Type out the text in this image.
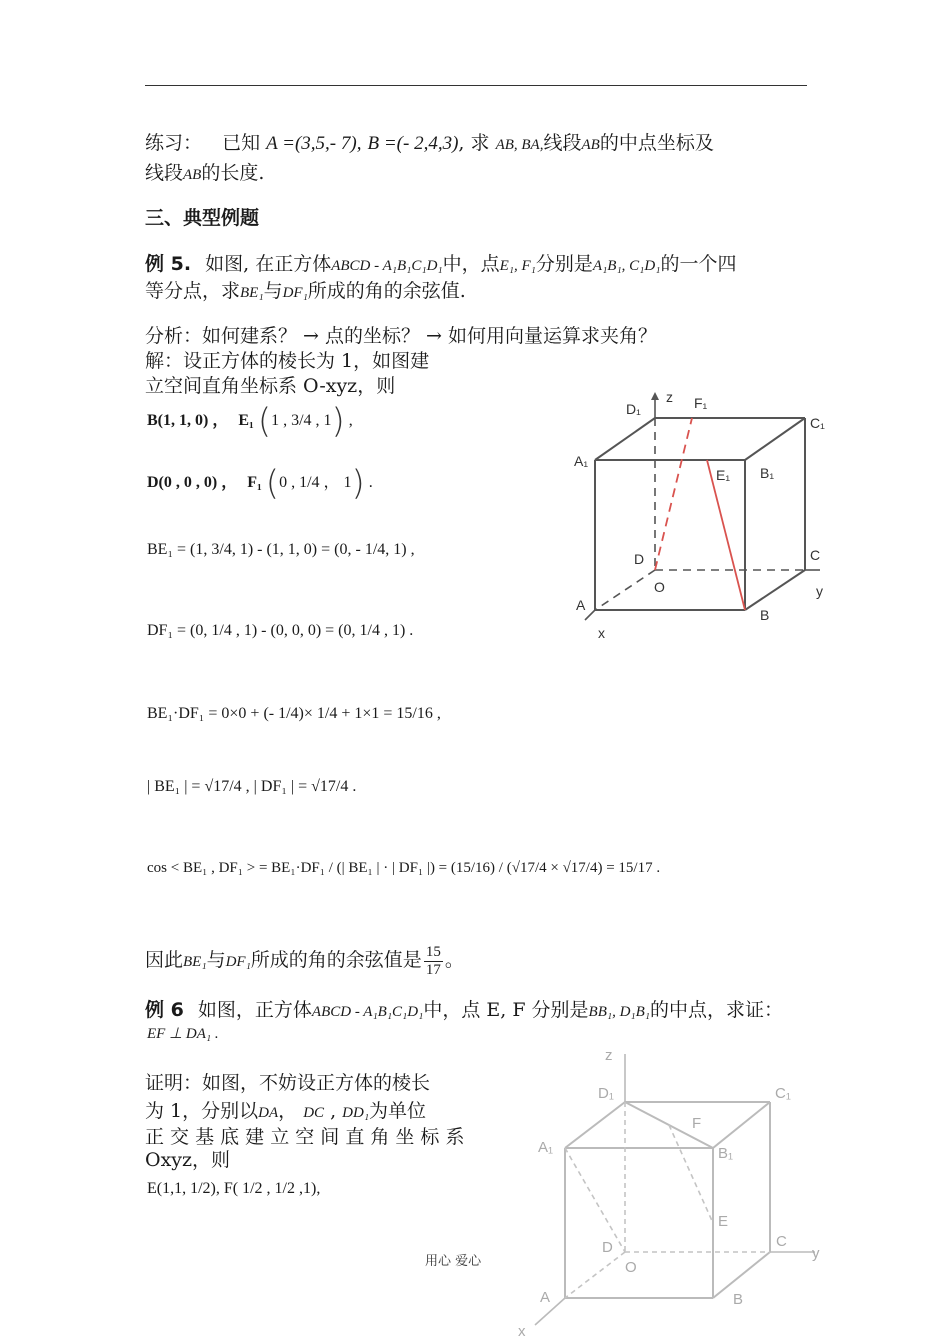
练习： 已知 A =(3,5,- 7), B =(- 2,4,3), 求 AB, BA,线段AB的中点坐标及
线段AB的长度.
三、典型例题
例 5. 如图, 在正方体ABCD - A₁B₁C₁D₁中，点E₁, F₁分别是A₁B₁, C₁D₁的一个四
等分点，求BE₁与DF₁所成的角的余弦值.
分析：如何建系？ → 点的坐标？ → 如何用向量运算求夹角？
解：设正方体的棱长为 1，如图建
立空间直角坐标系 O-xyz，则
B(1, 1, 0) ， E₁ (1 , 3/4 , 1) ,
D(0 , 0 , 0) ， F₁ (0 , 1/4 ， 1) .
BE₁ = (1, 3/4, 1) - (1, 1, 0) = (0, - 1/4, 1) ,
DF₁ = (0, 1/4 , 1) - (0, 0, 0) = (0, 1/4 , 1) .
BE₁·DF₁ = 0×0 + (- 1/4)× 1/4 + 1×1 = 15/16 ,
| BE₁ | = √17/4 , | DF₁ | = √17/4 .
cos < BE₁ , DF₁ > = BE₁·DF₁ / (| BE₁ | · | DF₁ |) = (15/16) / (√17/4 × √17/4) = 15/17 .
因此BE₁与DF₁所成的角的余弦值是 $\frac{15}{17}$ 。
例 6 如图，正方体ABCD - A₁B₁C₁D₁中，点 E, F 分别是BB₁, D₁B₁的中点，求证：
EF ⊥ DA₁ .
证明：如图，不妨设正方体的棱长
为 1，分别以DA， DC , DD₁为单位
正 交 基 底 建 立 空 间 直 角 坐 标 系
Oxyz，则
E(1,1, 1/2), F( 1/2 , 1/2 ,1),
D₁
z F₁
C₁
A₁
E₁ B₁
D	C
O	y
A
B
x
z
D₁	C₁
A₁
F
B₁
E
D
O
C
y
A	B
x
用心 爱心
